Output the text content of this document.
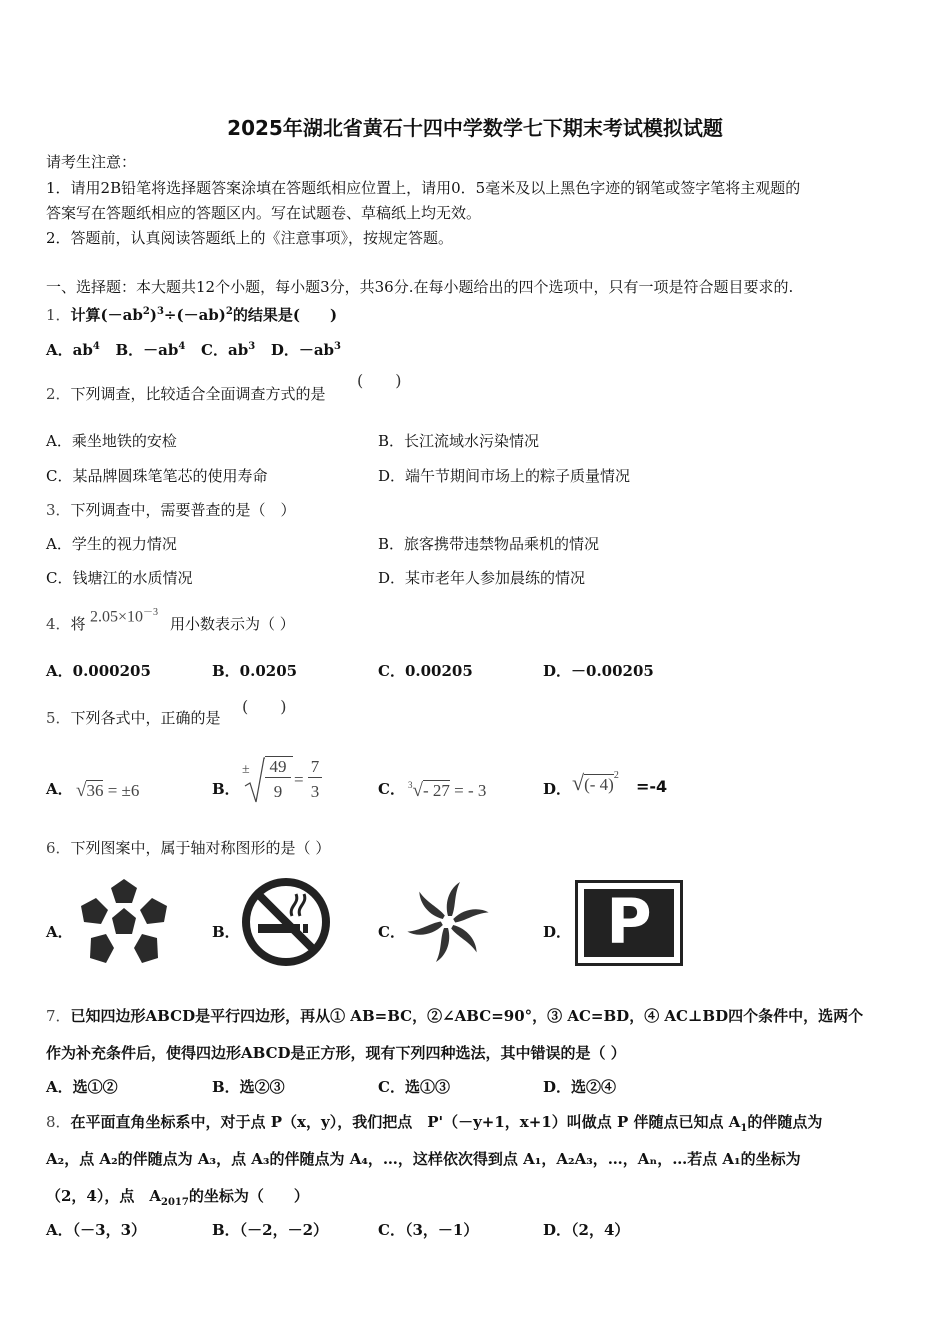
2025年湖北省黄石十四中学数学七下期末考试模拟试题
请考生注意：
1．请用2B铅笔将选择题答案涂填在答题纸相应位置上，请用0．5毫米及以上黑色字迹的钢笔或签字笔将主观题的
答案写在答题纸相应的答题区内。写在试题卷、草稿纸上均无效。
2．答题前，认真阅读答题纸上的《注意事项》，按规定答题。
一、选择题：本大题共12个小题，每小题3分，共36分.在每小题给出的四个选项中，只有一项是符合题目要求的.
1．计算$(-ab^2)^3\div(-ab)^2$的结果是(　　)
A．$ab^4$ B．$-ab^4$ C．$ab^3$ D．$-ab^3$
2．下列调查，比较适合全面调查方式的是
(　　)
A．乘坐地铁的安检	B．长江流域水污染情况
C．某品牌圆珠笔笔芯的使用寿命	D．端午节期间市场上的粽子质量情况
3．下列调查中，需要普查的是（　）
A．学生的视力情况	B．旅客携带违禁物品乘机的情况
C．钱塘江的水质情况	D．某市老年人参加晨练的情况
4．将 $2.05\times 10^{-3}$
用小数表示为（ ）
A．0.000205	B．0.0205	C．0.00205	D．－0.00205
5．下列各式中，正确的是
(　　)
A． √36 = ±6	B．
± 49
9
=
7
3	C． $^3$√- 27 = - 3	D． √(- 4)$^2$
=-4
6．下列图案中，属于轴对称图形的是（ ）
A．	B．	C．	D． P
7．已知四边形ABCD是平行四边形，再从① AB=BC，②∠ABC=90°，③ AC=BD，④ AC⊥BD四个条件中，选两个
作为补充条件后，使得四边形ABCD是正方形，现有下列四种选法，其中错误的是（ ）
A．选①②	B．选②③	C．选①③	D．选②④
8．在平面直角坐标系中，对于点 P（x，y），我们把点　P'（－y+1，x+1）叫做点 P 伴随点已知点 $A_1$的伴随点为
A₂，点 A₂的伴随点为 A₃，点 A₃的伴随点为 A₄，…，这样依次得到点 A₁，A₂A₃，…，Aₙ，…若点 A₁的坐标为
（2，4），点　$A_{2017}$的坐标为（　　）
A．（－3，3）	B．（－2，－2）	C．（3，－1）	D．（2，4）
